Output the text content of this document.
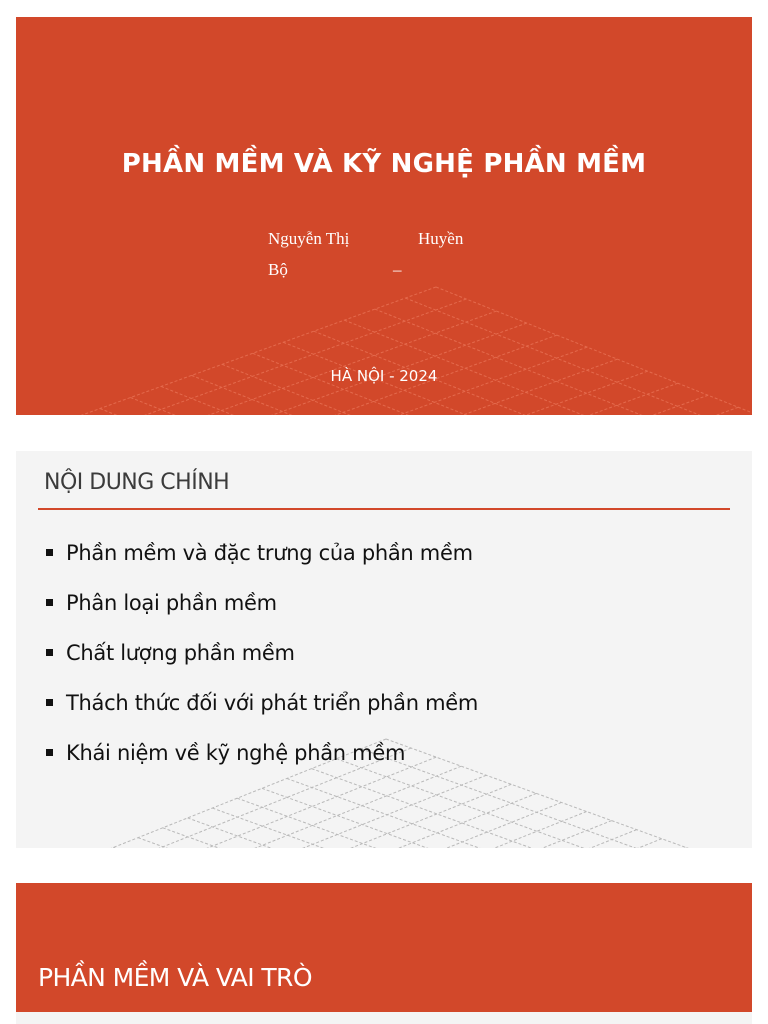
PHẦN MỀM VÀ KỸ NGHỆ PHẦN MỀM
Nguyễn Thị	Huyền
Bộ	–
HÀ NỘI - 2024
NỘI DUNG CHÍNH
Phần mềm và đặc trưng của phần mềm
Phân loại phần mềm
Chất lượng phần mềm
Thách thức đối với phát triển phần mềm
Khái niệm về kỹ nghệ phần mềm
PHẦN MỀM VÀ VAI TRÒ
